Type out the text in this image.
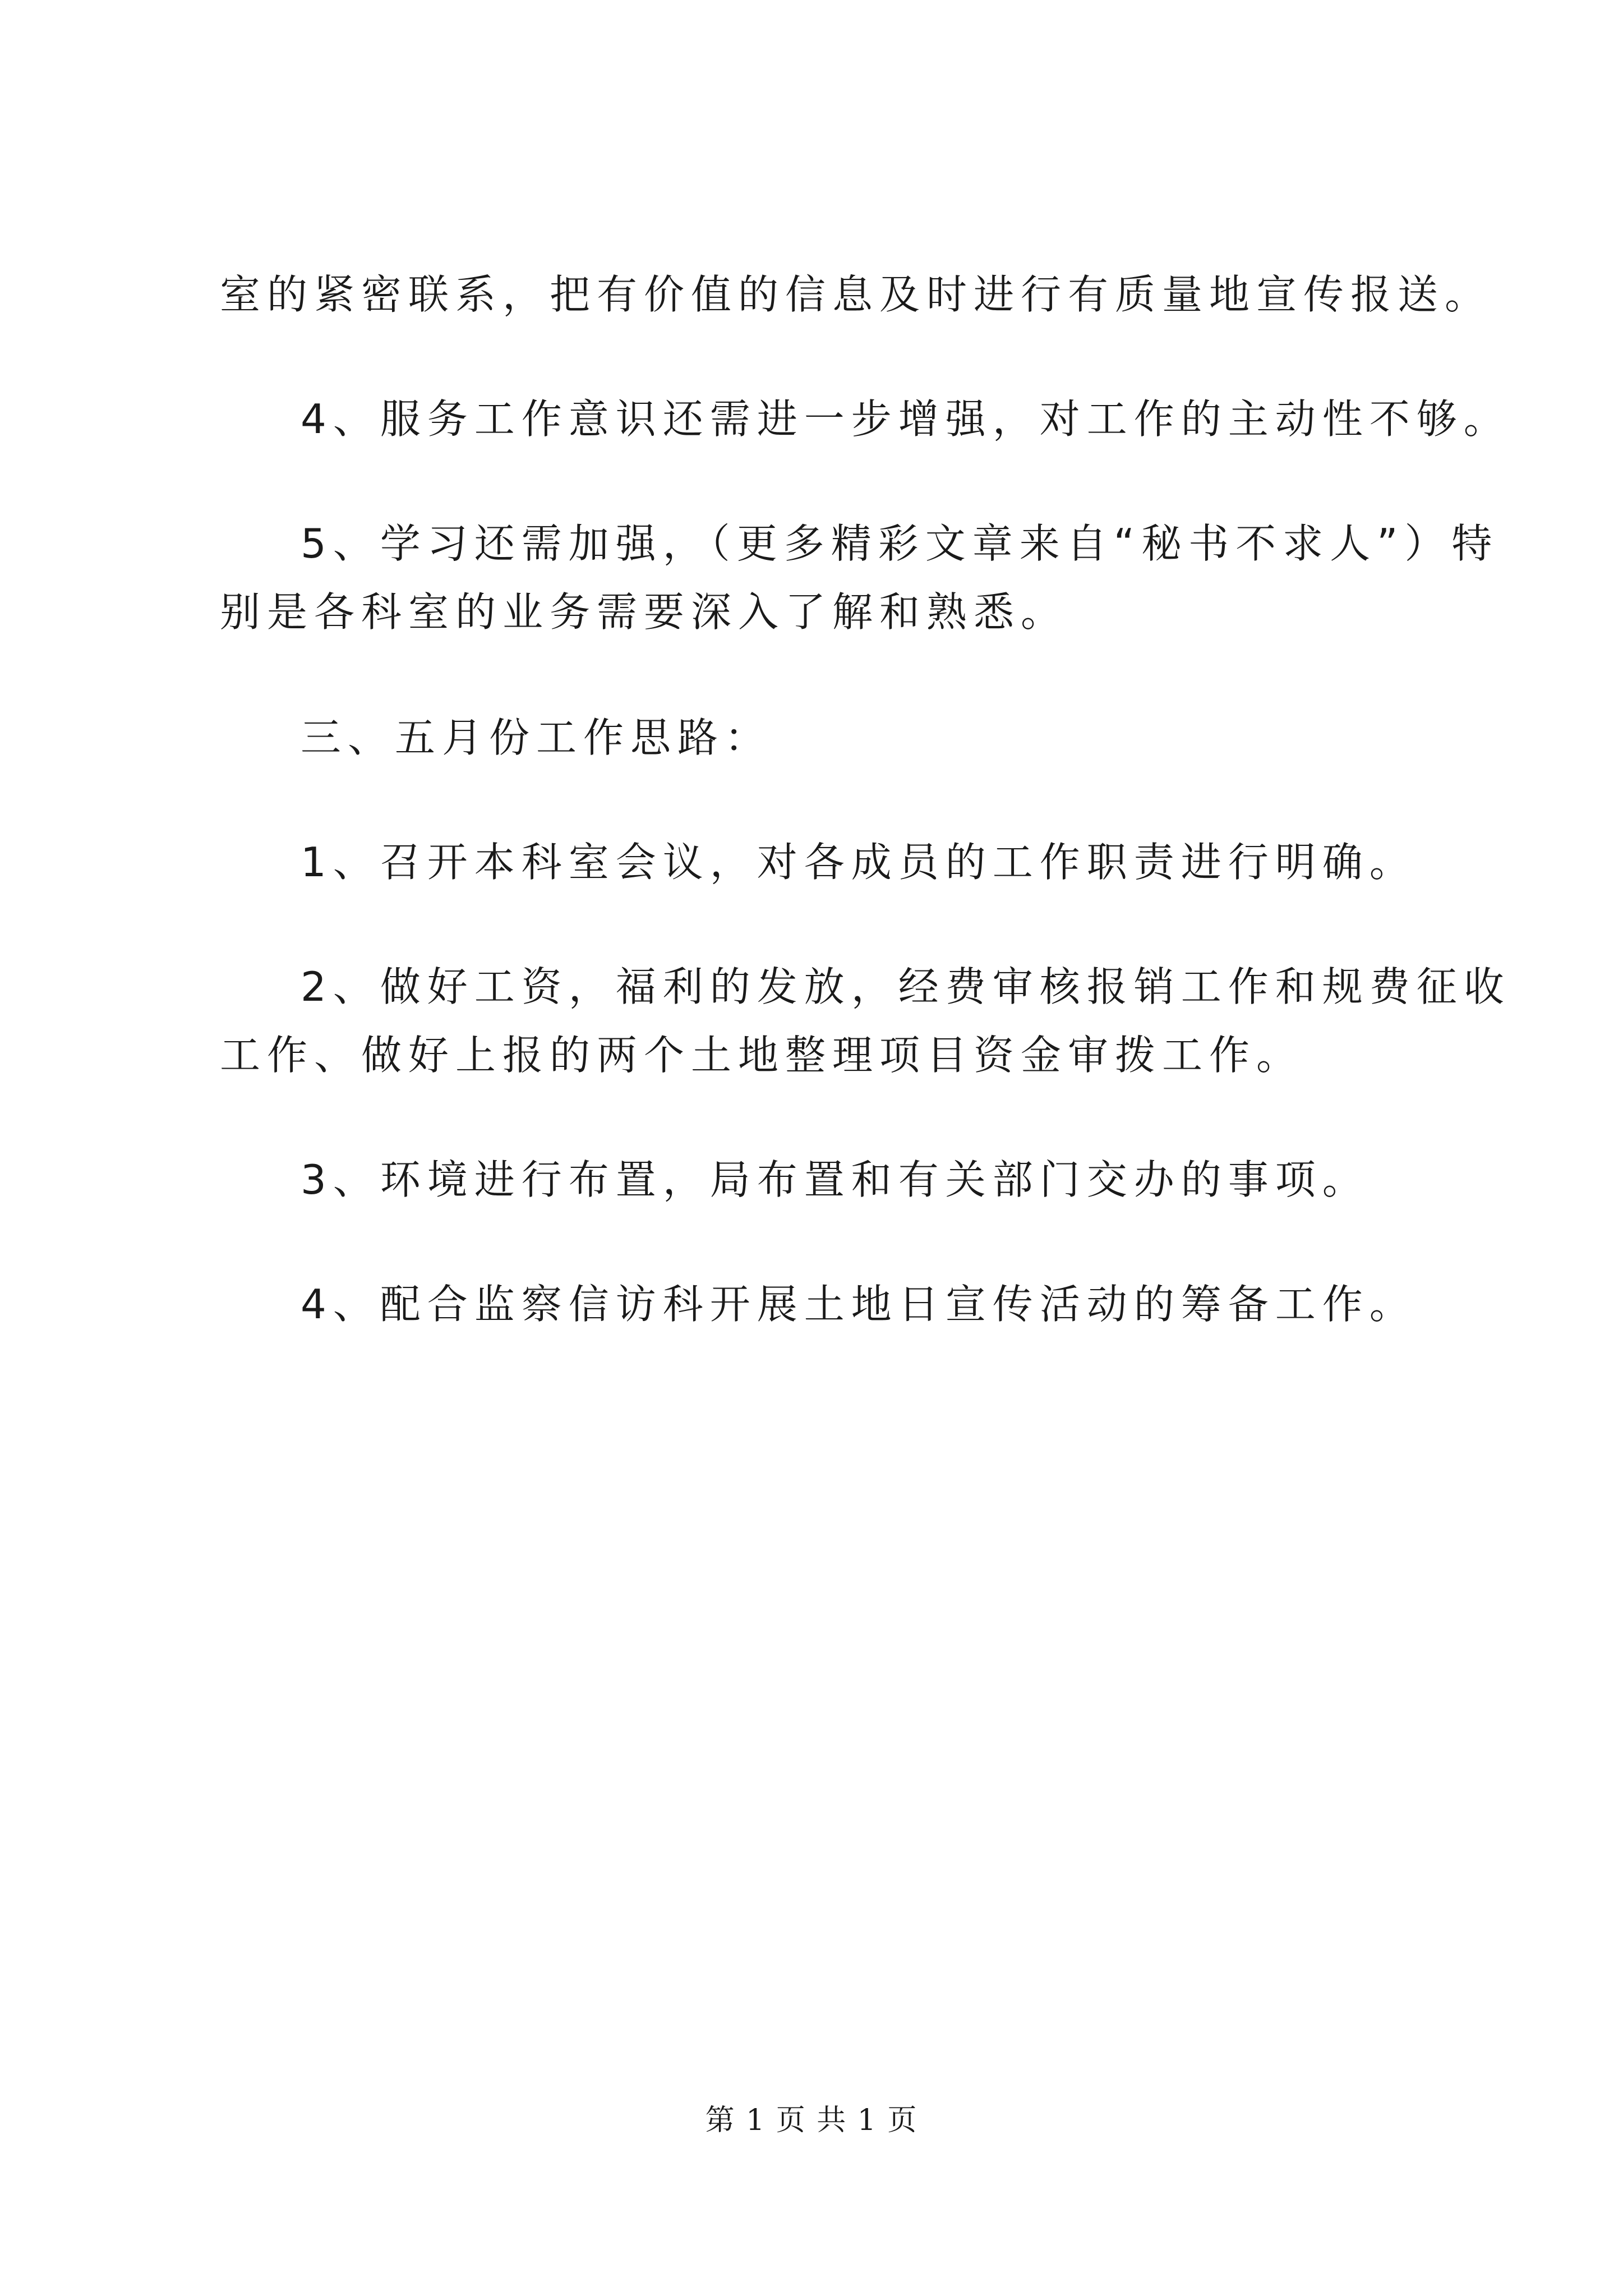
室的紧密联系，把有价值的信息及时进行有质量地宣传报送。
4、服务工作意识还需进一步增强，对工作的主动性不够。
5、学习还需加强，（更多精彩文章来自“秘书不求人”）特
别是各科室的业务需要深入了解和熟悉。
三、五月份工作思路：
1、召开本科室会议，对各成员的工作职责进行明确。
2、做好工资，福利的发放，经费审核报销工作和规费征收
工作、做好上报的两个土地整理项目资金审拨工作。
3、环境进行布置，局布置和有关部门交办的事项。
4、配合监察信访科开展土地日宣传活动的筹备工作。
第 1 页 共 1 页
